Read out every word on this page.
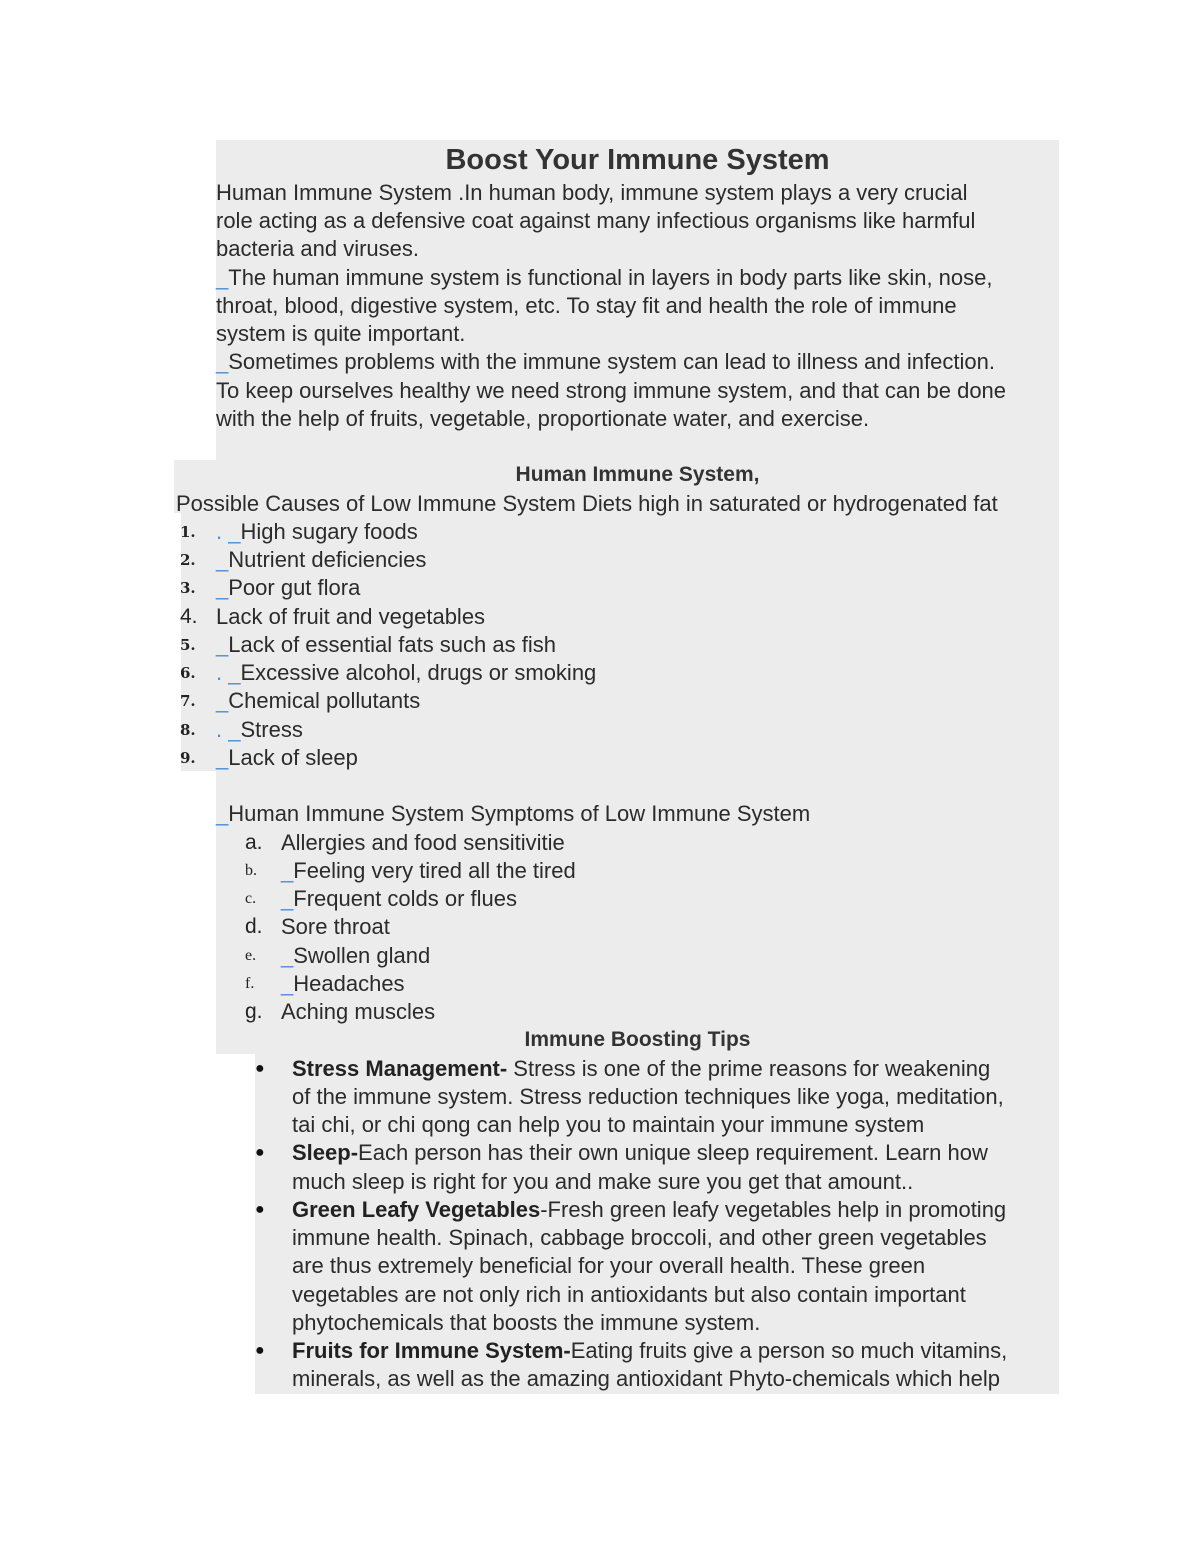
Boost Your Immune System
Human Immune System .In human body, immune system plays a very crucial
role acting as a defensive coat against many infectious organisms like harmful
bacteria and viruses.
_The human immune system is functional in layers in body parts like skin, nose,
throat, blood, digestive system, etc. To stay fit and health the role of immune
system is quite important.
_Sometimes problems with the immune system can lead to illness and infection.
To keep ourselves healthy we need strong immune system, and that can be done
with the help of fruits, vegetable, proportionate water, and exercise.
Human Immune System,
Possible Causes of Low Immune System Diets high in saturated or hydrogenated fat
1. . _High sugary foods
2. _Nutrient deficiencies
3. _Poor gut flora
4. Lack of fruit and vegetables
5. _Lack of essential fats such as fish
6. . _Excessive alcohol, drugs or smoking
7. _Chemical pollutants
8. . _Stress
9. _Lack of sleep
_Human Immune System Symptoms of Low Immune System
a. Allergies and food sensitivitie
b. _Feeling very tired all the tired
c. _Frequent colds or flues
d. Sore throat
e. _Swollen gland
f. _Headaches
g. Aching muscles
Immune Boosting Tips
● Stress Management- Stress is one of the prime reasons for weakening
of the immune system. Stress reduction techniques like yoga, meditation,
tai chi, or chi qong can help you to maintain your immune system
● Sleep-Each person has their own unique sleep requirement. Learn how
much sleep is right for you and make sure you get that amount..
● Green Leafy Vegetables-Fresh green leafy vegetables help in promoting
immune health. Spinach, cabbage broccoli, and other green vegetables
are thus extremely beneficial for your overall health. These green
vegetables are not only rich in antioxidants but also contain important
phytochemicals that boosts the immune system.
● Fruits for Immune System-Eating fruits give a person so much vitamins,
minerals, as well as the amazing antioxidant Phyto-chemicals which help
